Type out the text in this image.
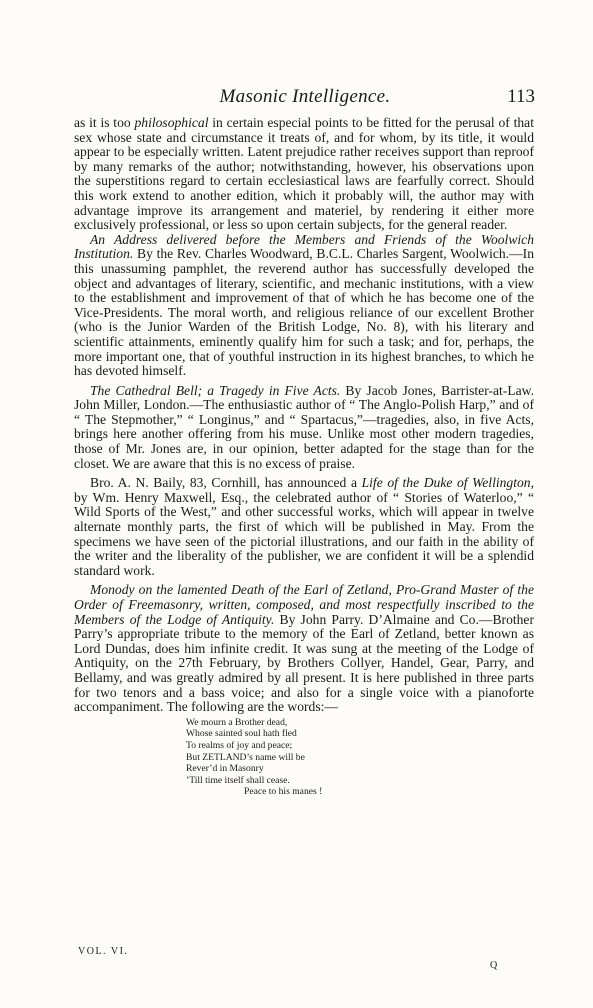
Masonic Intelligence.	113

as it is too philosophical in certain especial points to be fitted for the perusal of that sex whose state and circumstance it treats of, and for whom, by its title, it would appear to be especially written. Latent prejudice rather receives support than reproof by many remarks of the author; notwithstanding, however, his observations upon the superstitions regard to certain ecclesiastical laws are fearfully correct. Should this work extend to another edition, which it probably will, the author may with advantage improve its arrangement and materiel, by rendering it either more exclusively professional, or less so upon certain subjects, for the general reader.

An Address delivered before the Members and Friends of the Woolwich Institution. By the Rev. Charles Woodward, B.C.L. Charles Sargent, Woolwich.—In this unassuming pamphlet, the reverend author has successfully developed the object and advantages of literary, scientific, and mechanic institutions, with a view to the establishment and improvement of that of which he has become one of the Vice-Presidents. The moral worth, and religious reliance of our excellent Brother (who is the Junior Warden of the British Lodge, No. 8), with his literary and scientific attainments, eminently qualify him for such a task; and for, perhaps, the more important one, that of youthful instruction in its highest branches, to which he has devoted himself.

The Cathedral Bell; a Tragedy in Five Acts. By Jacob Jones, Barrister-at-Law. John Miller, London.—The enthusiastic author of “ The Anglo-Polish Harp,” and of “ The Stepmother,” “ Longinus,” and “ Spartacus,”—tragedies, also, in five Acts, brings here another offering from his muse. Unlike most other modern tragedies, those of Mr. Jones are, in our opinion, better adapted for the stage than for the closet. We are aware that this is no excess of praise.

Bro. A. N. Baily, 83, Cornhill, has announced a Life of the Duke of Wellington, by Wm. Henry Maxwell, Esq., the celebrated author of “ Stories of Waterloo,” “ Wild Sports of the West,” and other successful works, which will appear in twelve alternate monthly parts, the first of which will be published in May. From the specimens we have seen of the pictorial illustrations, and our faith in the ability of the writer and the liberality of the publisher, we are confident it will be a splendid standard work.

Monody on the lamented Death of the Earl of Zetland, Pro-Grand Master of the Order of Freemasonry, written, composed, and most respectfully inscribed to the Members of the Lodge of Antiquity. By John Parry. D’Almaine and Co.—Brother Parry’s appropriate tribute to the memory of the Earl of Zetland, better known as Lord Dundas, does him infinite credit. It was sung at the meeting of the Lodge of Antiquity, on the 27th February, by Brothers Collyer, Handel, Gear, Parry, and Bellamy, and was greatly admired by all present. It is here published in three parts for two tenors and a bass voice; and also for a single voice with a pianoforte accompaniment. The following are the words:—

We mourn a Brother dead,
Whose sainted soul hath fled
To realms of joy and peace;
But ZETLAND’s name will be
Rever’d in Masonry
’Till time itself shall cease.
Peace to his manes !
VOL. VI.
Q
